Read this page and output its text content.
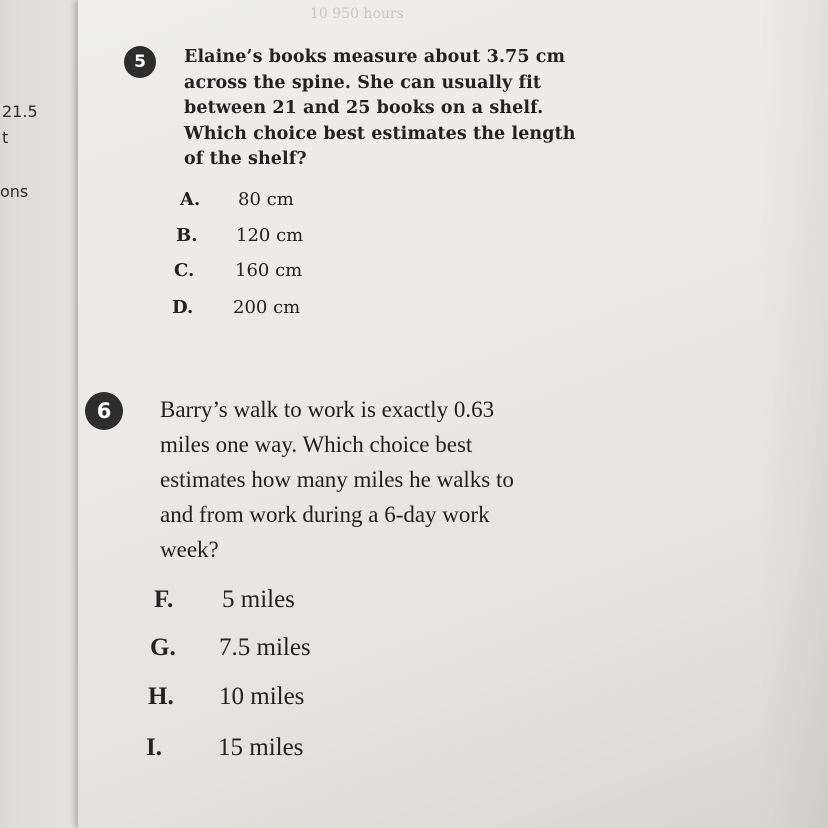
21.5
t
ons
10 950 hours
5	Elaine’s books measure about 3.75 cm
across the spine. She can usually fit
between 21 and 25 books on a shelf.
Which choice best estimates the length
of the shelf?
A. 80 cm
B. 120 cm
C. 160 cm
D. 200 cm
6	Barry’s walk to work is exactly 0.63
miles one way. Which choice best
estimates how many miles he walks to
and from work during a 6-day work
week?
F. 5 miles
G. 7.5 miles
H. 10 miles
I. 15 miles
